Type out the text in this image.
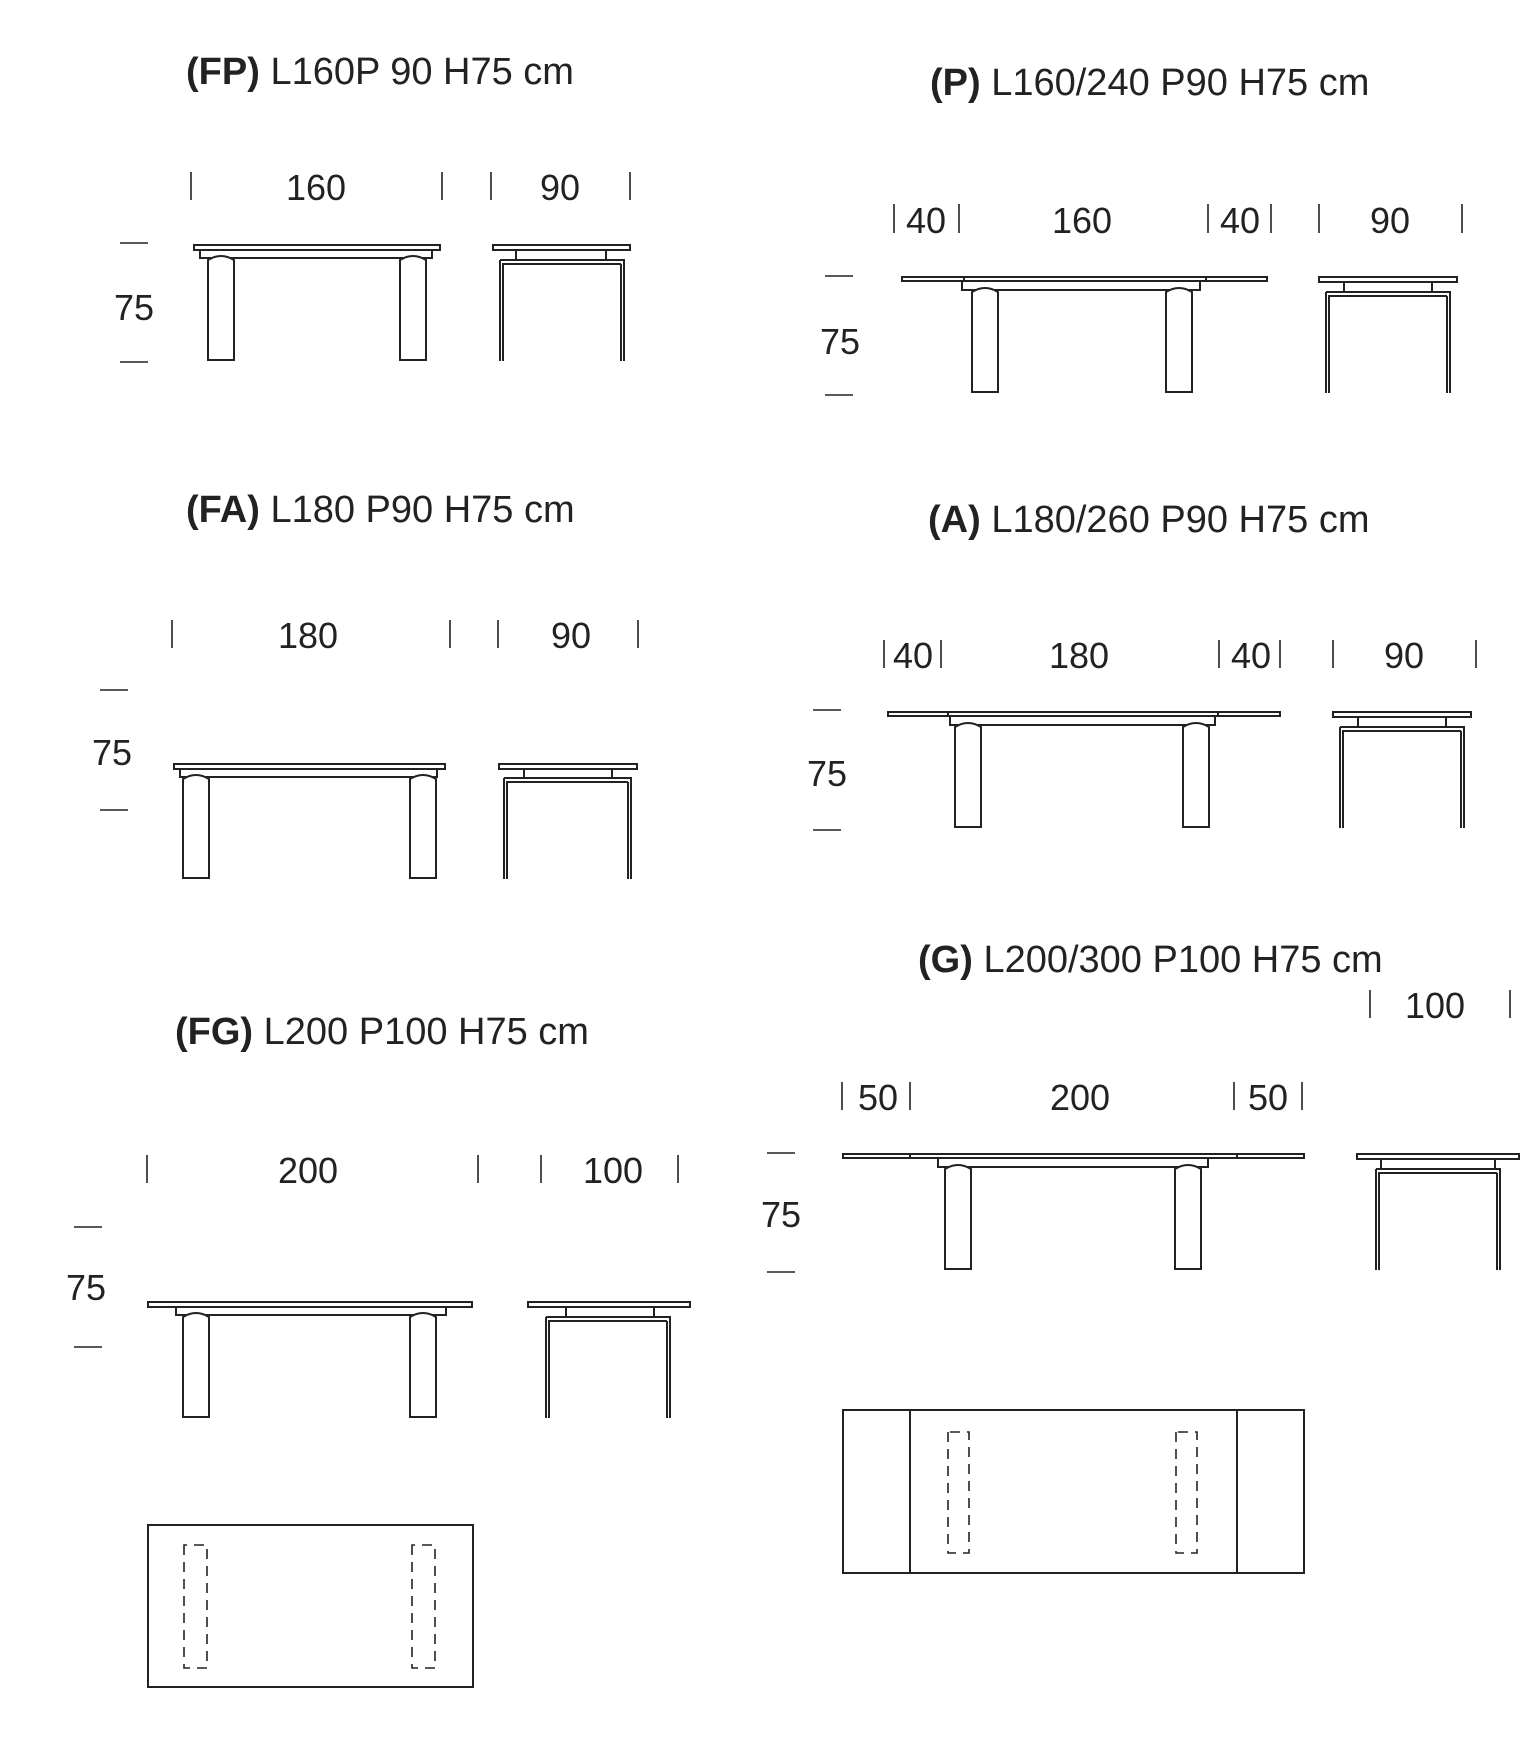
(FP) L160P 90 H75 cm
160	90
75
(P) L160/240 P90 H75 cm
40	160	40	90
75
(FA) L180 P90 H75 cm
180	90
75
(A) L180/260 P90 H75 cm
40	180	40	90
75
(G) L200/300 P100 H75 cm
100
50	200	50
75
(FG) L200 P100 H75 cm
200	100
75
